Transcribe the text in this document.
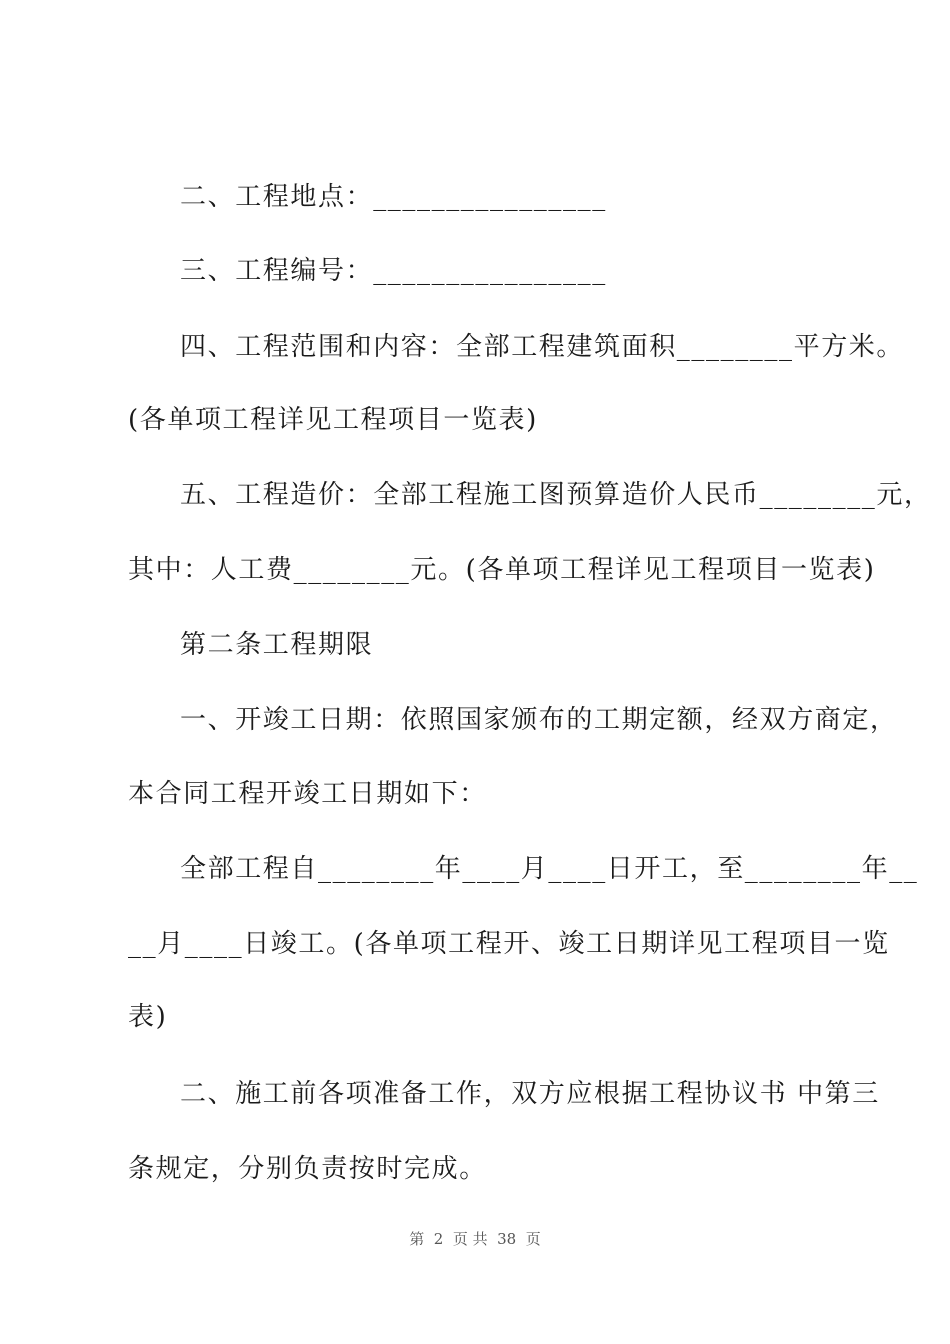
二、工程地点：________________
三、工程编号：________________
四、工程范围和内容：全部工程建筑面积________平方米。
(各单项工程详见工程项目一览表)
五、工程造价：全部工程施工图预算造价人民币________元，
其中：人工费________元。(各单项工程详见工程项目一览表)
第二条工程期限
一、开竣工日期：依照国家颁布的工期定额，经双方商定，
本合同工程开竣工日期如下：
全部工程自________年____月____日开工，至________年__
__月____日竣工。(各单项工程开、竣工日期详见工程项目一览
表)
二、施工前各项准备工作，双方应根据工程协议书 中第三
条规定，分别负责按时完成。
第  2  页 共  38  页
